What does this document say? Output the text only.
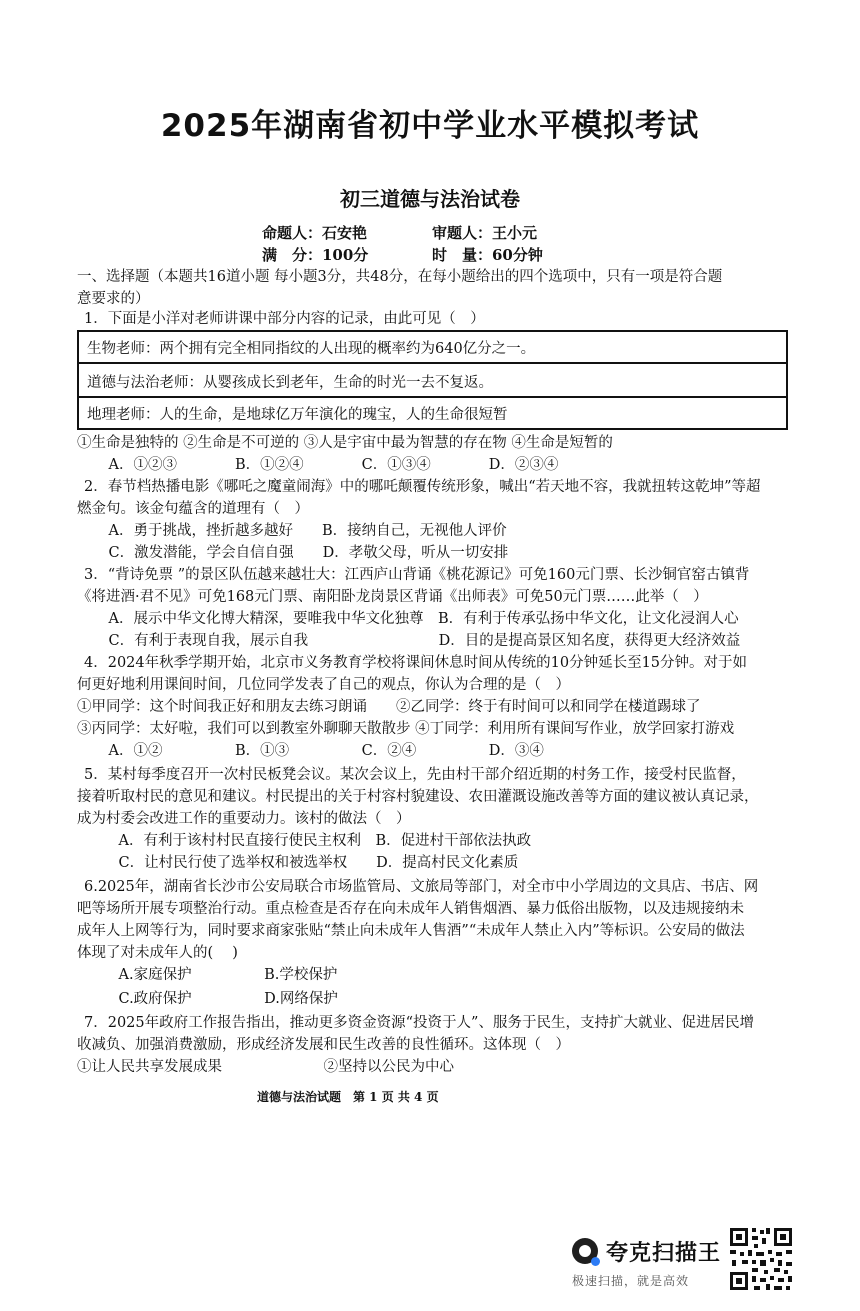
2025年湖南省初中学业水平模拟考试
初三道德与法治试卷
命题人：石安艳	审题人：王小元
满　分：100分	时　量：60分钟
一、选择题（本题共16道小题 每小题3分，共48分，在每小题给出的四个选项中，只有一项是符合题
意要求的）
1．下面是小洋对老师讲课中部分内容的记录，由此可见（　）
生物老师：两个拥有完全相同指纹的人出现的概率约为640亿分之一。
道德与法治老师：从婴孩成长到老年，生命的时光一去不复返。
地理老师：人的生命，是地球亿万年演化的瑰宝，人的生命很短暂
①生命是独特的 ②生命是不可逆的 ③人是宇宙中最为智慧的存在物 ④生命是短暂的
　A．①②③　　　　B．①②④　　　　C．①③④　　　　D．②③④
2．春节档热播电影《哪吒之魔童闹海》中的哪吒颠覆传统形象，喊出“若天地不容，我就扭转这乾坤”等超
燃金句。该金句蕴含的道理有（　）
　A．勇于挑战，挫折越多越好　　B．接纳自己，无视他人评价
　C．激发潜能，学会自信自强　　D．孝敬父母，听从一切安排
3．“背诗免票 ”的景区队伍越来越壮大：江西庐山背诵《桃花源记》可免160元门票、长沙铜官窑古镇背
《将进酒·君不见》可免168元门票、南阳卧龙岗景区背诵《出师表》可免50元门票……此举（　）
　A．展示中华文化博大精深，要唯我中华文化独尊　B．有利于传承弘扬中华文化，让文化浸润人心
　C．有利于表现自我，展示自我　　　　　　　　　D．目的是提高景区知名度，获得更大经济效益
4．2024年秋季学期开始，北京市义务教育学校将课间休息时间从传统的10分钟延长至15分钟。对于如
何更好地利用课间时间，几位同学发表了自己的观点，你认为合理的是（　）
①甲同学：这个时间我正好和朋友去练习朗诵　　②乙同学：终于有时间可以和同学在楼道踢球了
③丙同学：太好啦，我们可以到教室外聊聊天散散步 ④丁同学：利用所有课间写作业，放学回家打游戏
　A．①②　　　　　B．①③　　　　　C．②④　　　　　D．③④
5．某村每季度召开一次村民板凳会议。某次会议上，先由村干部介绍近期的村务工作，接受村民监督，
接着听取村民的意见和建议。村民提出的关于村容村貌建设、农田灌溉设施改善等方面的建议被认真记录，
成为村委会改进工作的重要动力。该村的做法（　）
　A．有利于该村村民直接行使民主权利　B．促进村干部依法执政
　C．让村民行使了选举权和被选举权　　D．提高村民文化素质
6.2025年，湖南省长沙市公安局联合市场监管局、文旅局等部门，对全市中小学周边的文具店、书店、网
吧等场所开展专项整治行动。重点检查是否存在向未成年人销售烟酒、暴力低俗出版物，以及违规接纳未
成年人上网等行为，同时要求商家张贴“禁止向未成年人售酒”“未成年人禁止入内”等标识。公安局的做法
体现了对未成年人的(　 )
　A.家庭保护　　　　　B.学校保护
　C.政府保护　　　　　D.网络保护
7．2025年政府工作报告指出，推动更多资金资源“投资于人”、服务于民生，支持扩大就业、促进居民增
收减负、加强消费激励，形成经济发展和民生改善的良性循环。这体现（　）
①让人民共享发展成果　　　　　　　②坚持以公民为中心
道德与法治试题　第 1 页 共 4 页
夸克扫描王
极速扫描，就是高效
